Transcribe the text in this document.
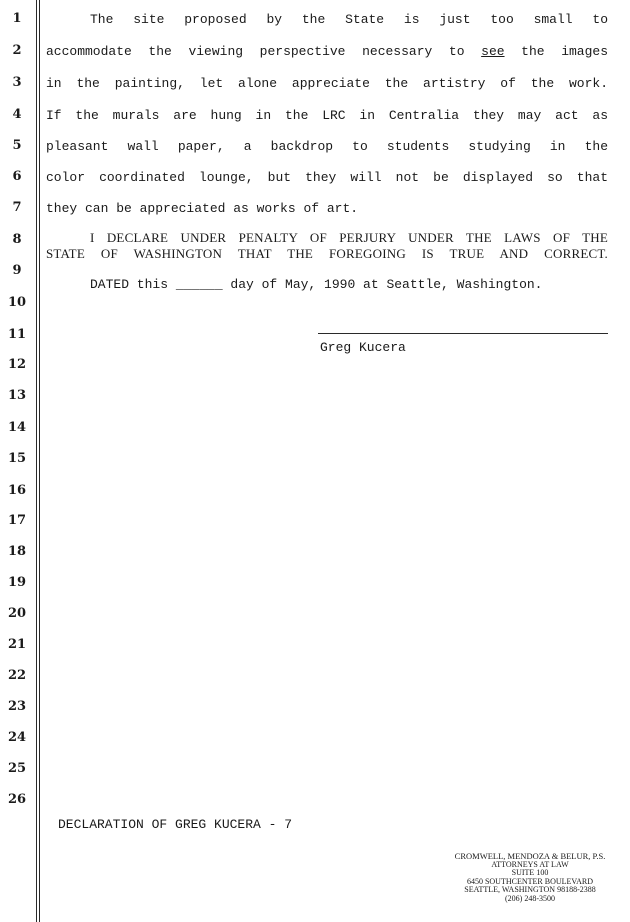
1
2
3
4
5
6
7
8
9
10
11
12
13
14
15
16
17
18
19
20
21
22
23
24
25
26
The site proposed by the State is just too small to
accommodate the viewing perspective necessary to see the images
in the painting, let alone appreciate the artistry of the work.
If the murals are hung in the LRC in Centralia they may act as
pleasant wall paper, a backdrop to students studying in the
color coordinated lounge, but they will not be displayed so that
they can be appreciated as works of art.
I DECLARE UNDER PENALTY OF PERJURY UNDER THE LAWS OF THE
STATE OF WASHINGTON THAT THE FOREGOING IS TRUE AND CORRECT.
DATED this ______ day of May, 1990 at Seattle, Washington.
Greg Kucera
DECLARATION OF GREG KUCERA - 7
CROMWELL, MENDOZA & BELUR, P.S.
ATTORNEYS AT LAW
SUITE 100
6450 SOUTHCENTER BOULEVARD
SEATTLE, WASHINGTON 98188-2388
(206) 248-3500
